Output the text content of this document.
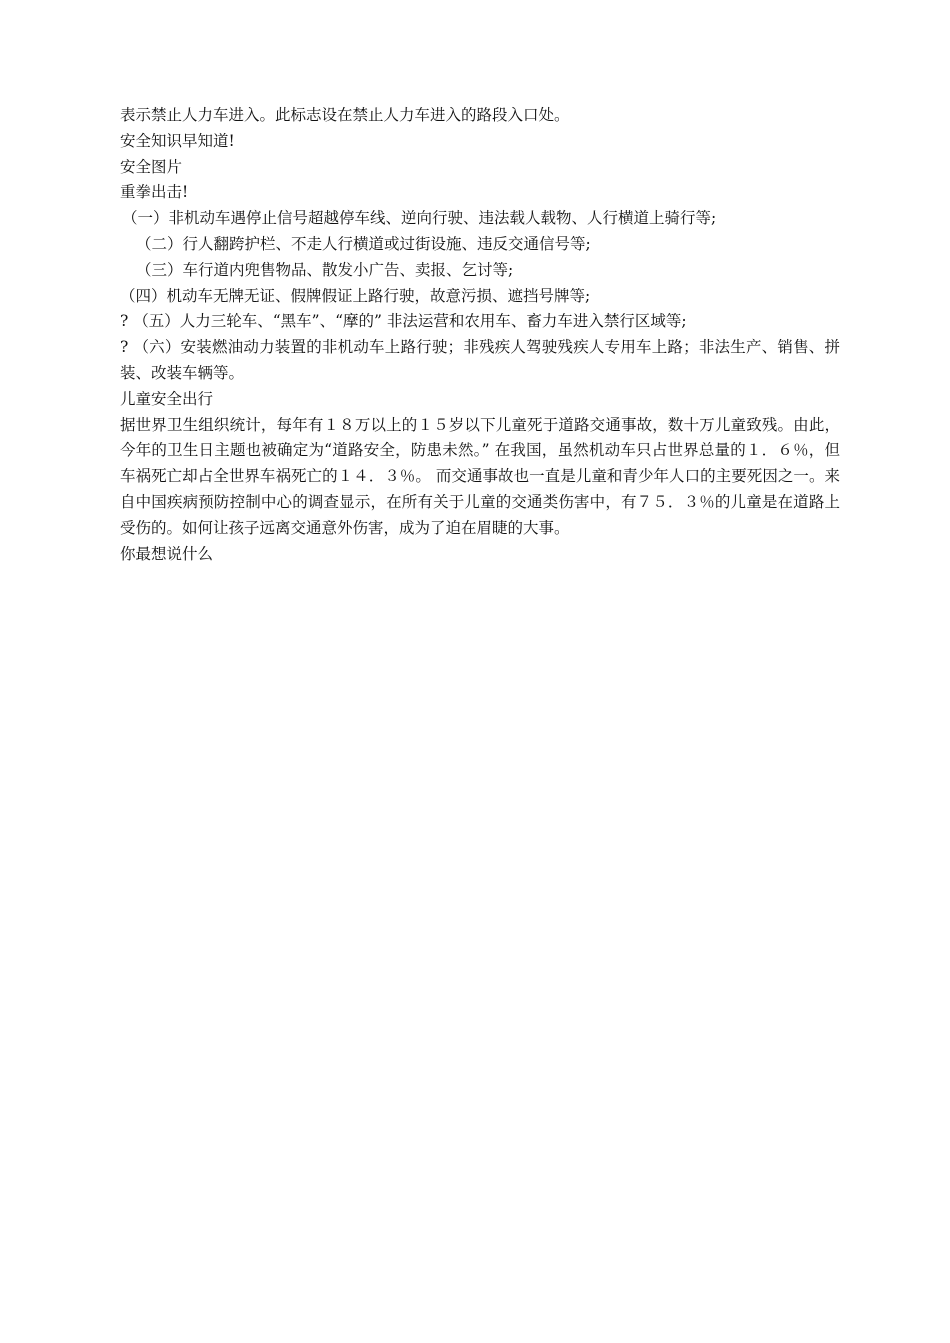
表示禁止人力车进入。此标志设在禁止人力车进入的路段入口处。

安全知识早知道!

安全图片

重拳出击!

（一）非机动车遇停止信号超越停车线、逆向行驶、违法载人载物、人行横道上骑行等;

（二）行人翻跨护栏、不走人行横道或过街设施、违反交通信号等;

（三）车行道内兜售物品、散发小广告、卖报、乞讨等;

（四）机动车无牌无证、假牌假证上路行驶，故意污损、遮挡号牌等;

? （五）人力三轮车、“黑车”、“摩的” 非法运营和农用车、畜力车进入禁行区域等;

? （六）安装燃油动力装置的非机动车上路行驶；非残疾人驾驶残疾人专用车上路；非法生产、销售、拼装、改装车辆等。

儿童安全出行

据世界卫生组织统计，每年有１８万以上的１５岁以下儿童死于道路交通事故，数十万儿童致残。由此，今年的卫生日主题也被确定为“道路安全，防患未然。” 在我国，虽然机动车只占世界总量的１．６％，但车祸死亡却占全世界车祸死亡的１４．３％。 而交通事故也一直是儿童和青少年人口的主要死因之一。来自中国疾病预防控制中心的调查显示，在所有关于儿童的交通类伤害中，有７５．３％的儿童是在道路上受伤的。如何让孩子远离交通意外伤害，成为了迫在眉睫的大事。

你最想说什么
